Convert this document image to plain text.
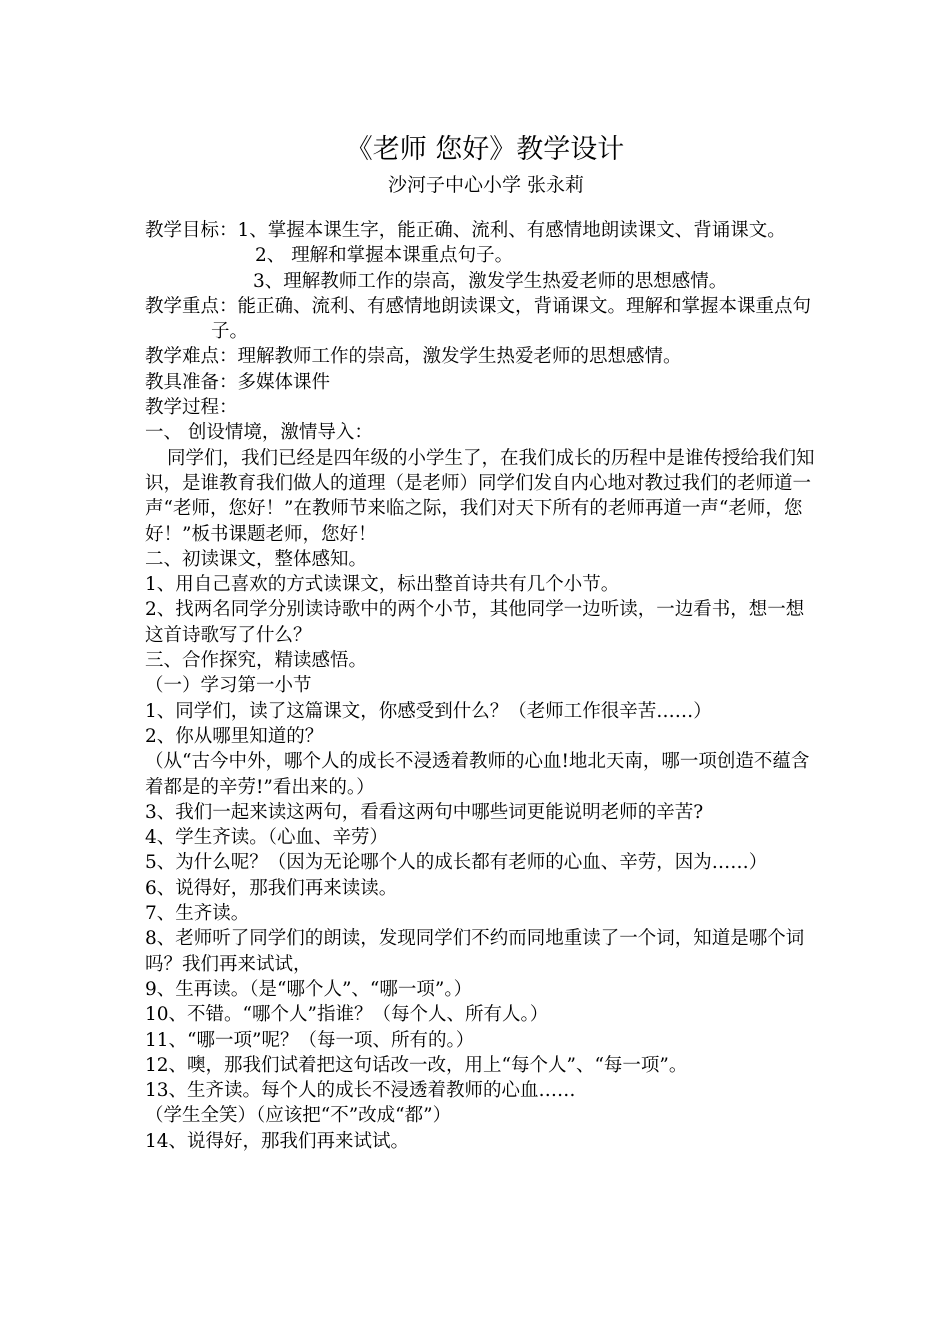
《老师 您好》教学设计

沙河子中心小学 张永莉

教学目标：1、掌握本课生字，能正确、流利、有感情地朗读课文、背诵课文。

2、 理解和掌握本课重点句子。

3、理解教师工作的崇高，激发学生热爱老师的思想感情。

教学重点：能正确、流利、有感情地朗读课文，背诵课文。理解和掌握本课重点句子。

教学难点：理解教师工作的崇高，激发学生热爱老师的思想感情。

教具准备：多媒体课件

教学过程：

一、 创设情境，激情导入：

同学们，我们已经是四年级的小学生了，在我们成长的历程中是谁传授给我们知识，是谁教育我们做人的道理（是老师）同学们发自内心地对教过我们的老师道一声“老师，您好！”在教师节来临之际，我们对天下所有的老师再道一声“老师，您好！”板书课题老师，您好！

二、初读课文，整体感知。

1、用自己喜欢的方式读课文，标出整首诗共有几个小节。

2、找两名同学分别读诗歌中的两个小节，其他同学一边听读，一边看书，想一想这首诗歌写了什么？

三、合作探究，精读感悟。

（一）学习第一小节

1、同学们，读了这篇课文，你感受到什么？（老师工作很辛苦……）

2、你从哪里知道的？

（从“古今中外，哪个人的成长不浸透着教师的心血!地北天南，哪一项创造不蕴含着都是的辛劳!”看出来的。）

3、我们一起来读这两句，看看这两句中哪些词更能说明老师的辛苦?

4、学生齐读。（心血、辛劳）

5、为什么呢？（因为无论哪个人的成长都有老师的心血、辛劳，因为……）

6、说得好，那我们再来读读。

7、生齐读。

8、老师听了同学们的朗读，发现同学们不约而同地重读了一个词，知道是哪个词吗？我们再来试试，

9、生再读。（是“哪个人”、“哪一项”。）

10、不错。“哪个人”指谁？（每个人、所有人。）

11、“哪一项”呢？（每一项、所有的。）

12、噢，那我们试着把这句话改一改，用上“每个人”、“每一项”。

13、生齐读。每个人的成长不浸透着教师的心血……

（学生全笑）（应该把“不”改成“都”）

14、说得好，那我们再来试试。
